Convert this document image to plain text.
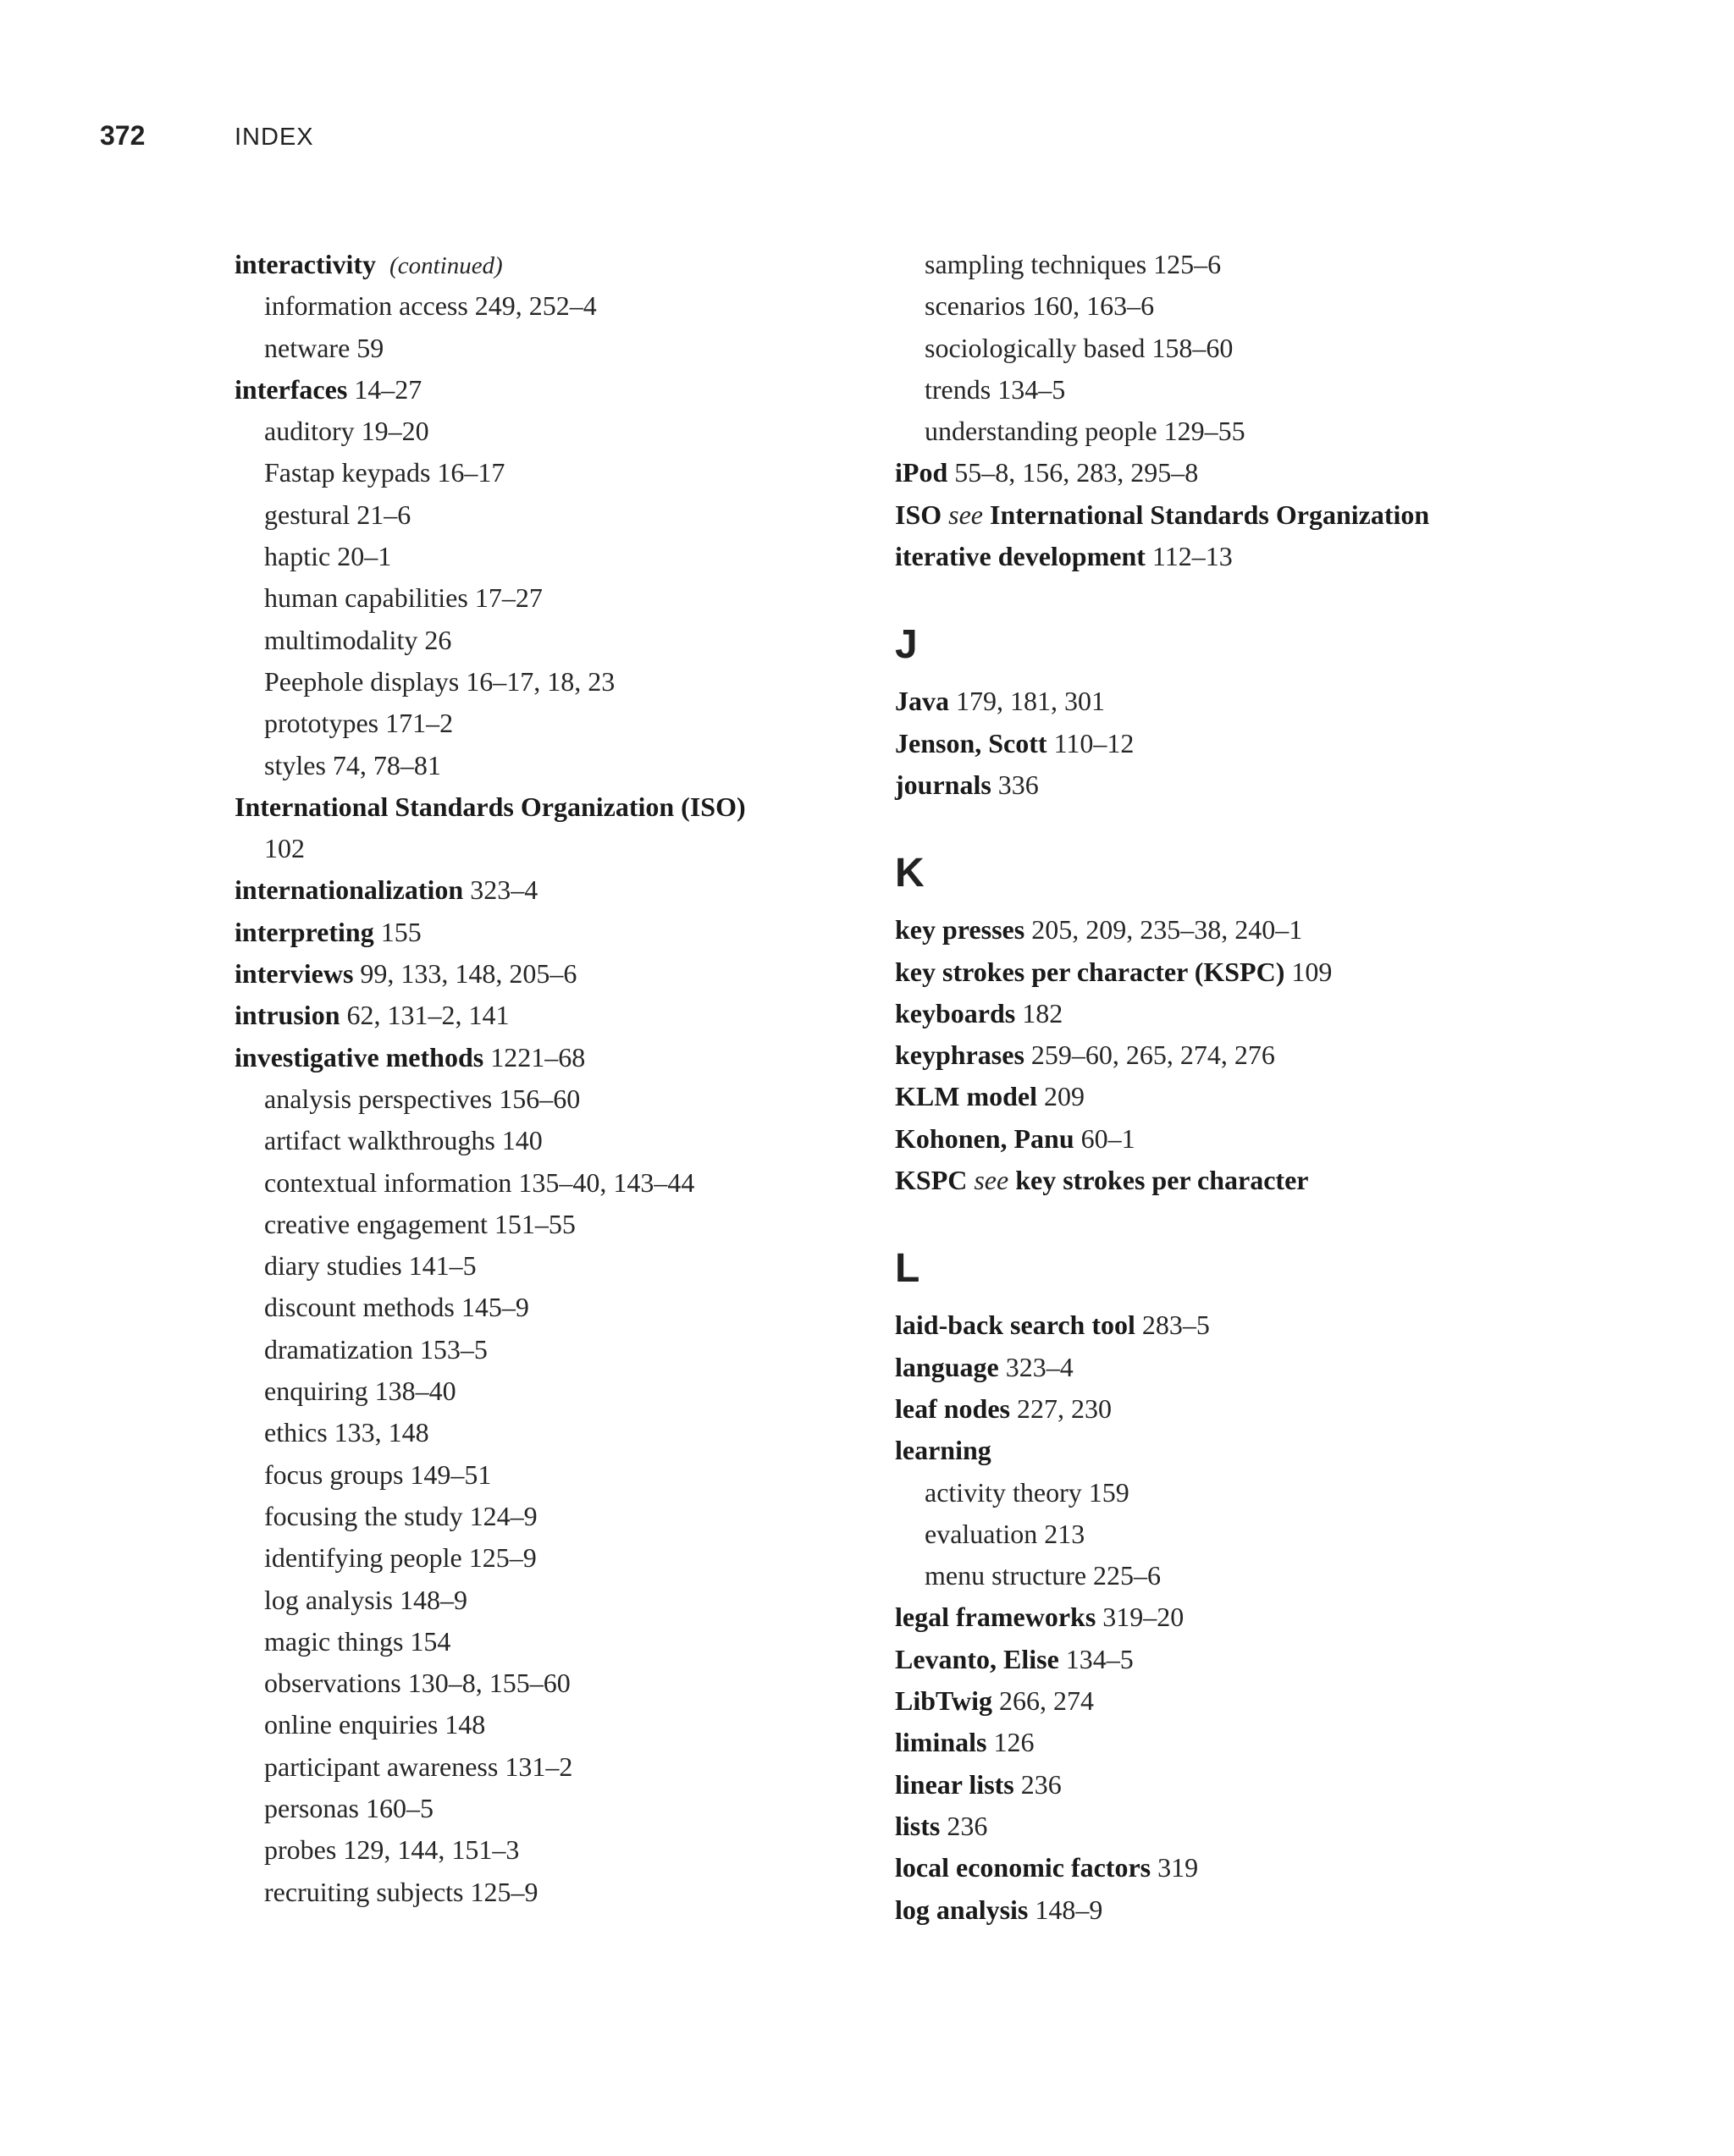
372	INDEX
interactivity (continued)
information access 249, 252–4
netware 59
interfaces 14–27
auditory 19–20
Fastap keypads 16–17
gestural 21–6
haptic 20–1
human capabilities 17–27
multimodality 26
Peephole displays 16–17, 18, 23
prototypes 171–2
styles 74, 78–81
International Standards Organization (ISO)
102
internationalization 323–4
interpreting 155
interviews 99, 133, 148, 205–6
intrusion 62, 131–2, 141
investigative methods 1221–68
analysis perspectives 156–60
artifact walkthroughs 140
contextual information 135–40, 143–44
creative engagement 151–55
diary studies 141–5
discount methods 145–9
dramatization 153–5
enquiring 138–40
ethics 133, 148
focus groups 149–51
focusing the study 124–9
identifying people 125–9
log analysis 148–9
magic things 154
observations 130–8, 155–60
online enquiries 148
participant awareness 131–2
personas 160–5
probes 129, 144, 151–3
recruiting subjects 125–9
sampling techniques 125–6
scenarios 160, 163–6
sociologically based 158–60
trends 134–5
understanding people 129–55
iPod 55–8, 156, 283, 295–8
ISO see International Standards Organization
iterative development 112–13
J
Java 179, 181, 301
Jenson, Scott 110–12
journals 336
K
key presses 205, 209, 235–38, 240–1
key strokes per character (KSPC) 109
keyboards 182
keyphrases 259–60, 265, 274, 276
KLM model 209
Kohonen, Panu 60–1
KSPC see key strokes per character
L
laid-back search tool 283–5
language 323–4
leaf nodes 227, 230
learning
activity theory 159
evaluation 213
menu structure 225–6
legal frameworks 319–20
Levanto, Elise 134–5
LibTwig 266, 274
liminals 126
linear lists 236
lists 236
local economic factors 319
log analysis 148–9
